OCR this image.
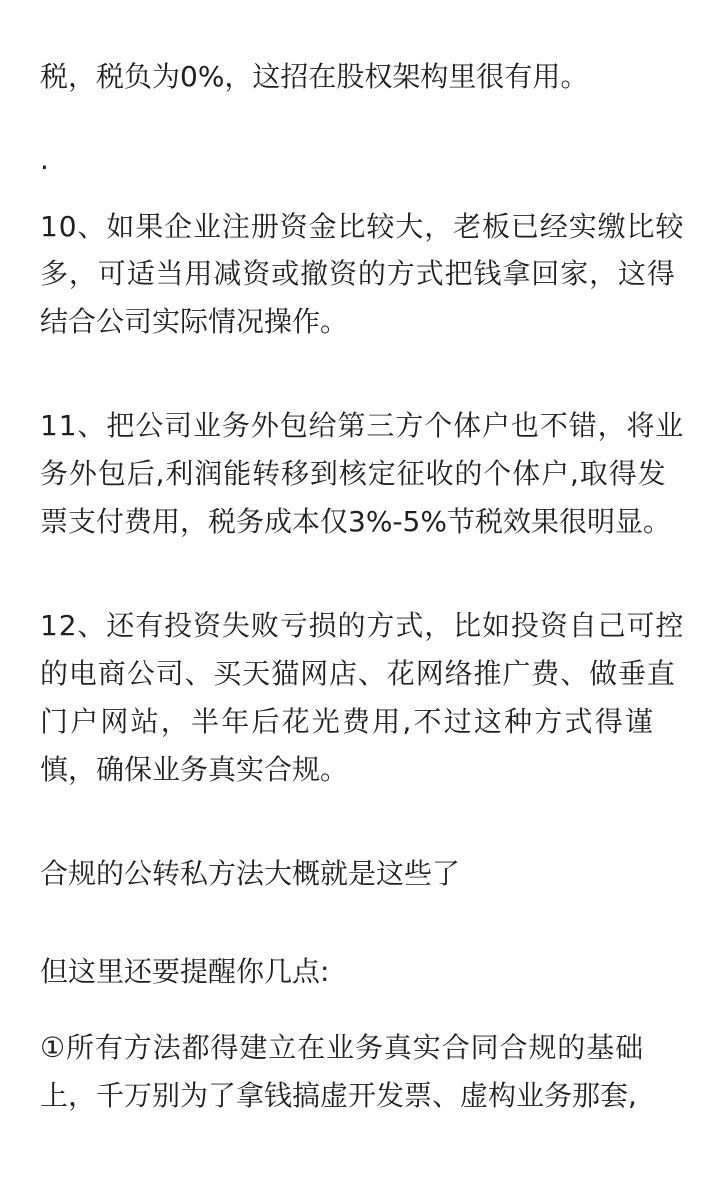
税，税负为0%，这招在股权架构里很有用。
.
10、如果企业注册资金比较大，老板已经实缴比较
多，可适当用减资或撤资的方式把钱拿回家，这得
结合公司实际情况操作。
11、把公司业务外包给第三方个体户也不错，将业
务外包后,利润能转移到核定征收的个体户,取得发
票支付费用，税务成本仅3%-5%节税效果很明显。
12、还有投资失败亏损的方式，比如投资自己可控
的电商公司、买天猫网店、花网络推广费、做垂直
门户网站，半年后花光费用,不过这种方式得谨
慎，确保业务真实合规。
合规的公转私方法大概就是这些了
但这里还要提醒你几点:
①所有方法都得建立在业务真实合同合规的基础
上，千万别为了拿钱搞虚开发票、虚构业务那套,
